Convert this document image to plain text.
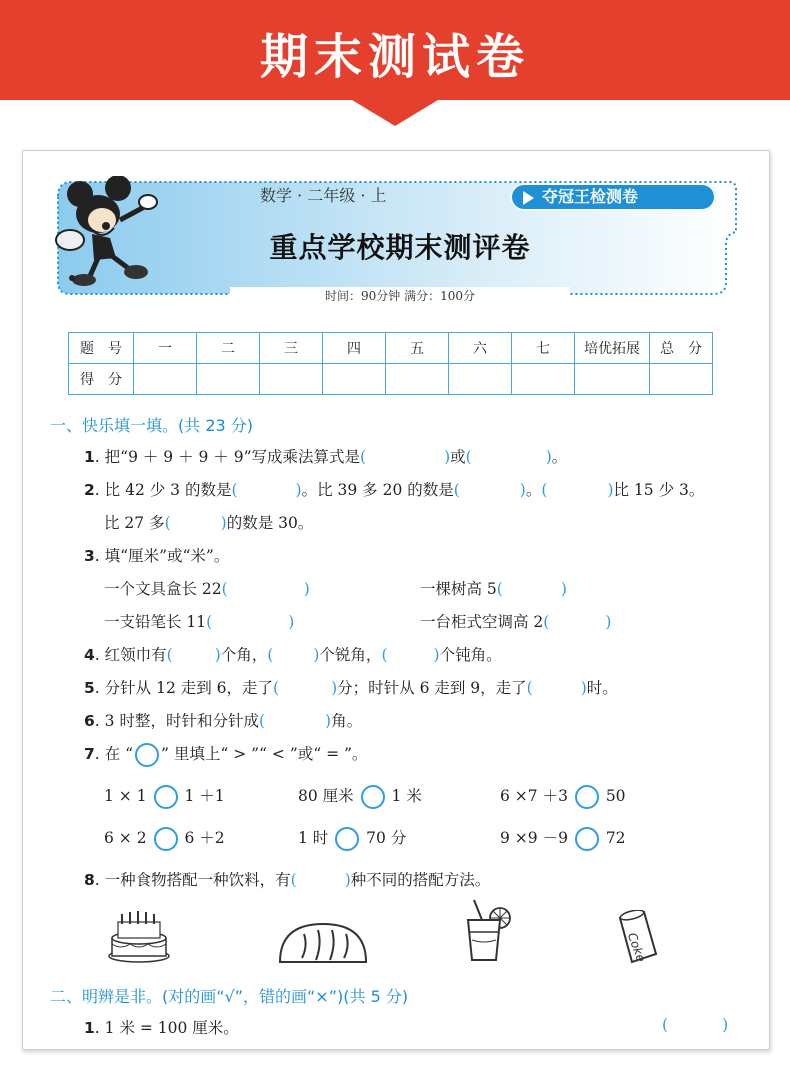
期末测试卷
数学 · 二年级 · 上	夺冠王检测卷
重点学校期末测评卷
时间：90分钟 满分：100分
题　号	一	二	三	四	五	六	七	培优拓展	总　分
得　分									
一、快乐填一填。(共 23 分)
1. 把“9 ＋ 9 ＋ 9 ＋ 9”写成乘法算式是(	)或(	)。
2. 比 42 少 3 的数是(	)。比 39 多 20 的数是(	)。(	)比 15 少 3。
比 27 多(	)的数是 30。
3. 填“厘米”或“米”。
一个文具盒长 22(	)	一棵树高 5(	)
一支铅笔长 11(	)	一台柜式空调高 2(	)
4. 红领巾有(	)个角，(	)个锐角，(	)个钝角。
5. 分针从 12 走到 6，走了(	)分；时针从 6 走到 9，走了(	)时。
6. 3 时整，时针和分针成(	)角。
7. 在 “ ” 里填上“ > ”“ < ”或“ = ”。
1 × 1 1 ＋1	80 厘米 1 米	6 ×7 ＋3 50
6 × 2 6 ＋2	1 时 70 分	9 ×9 －9 72
8. 一种食物搭配一种饮料，有(	)种不同的搭配方法。
Coke
二、明辨是非。(对的画“√”，错的画“×”)(共 5 分)
1. 1 米 = 100 厘米。	(	)
